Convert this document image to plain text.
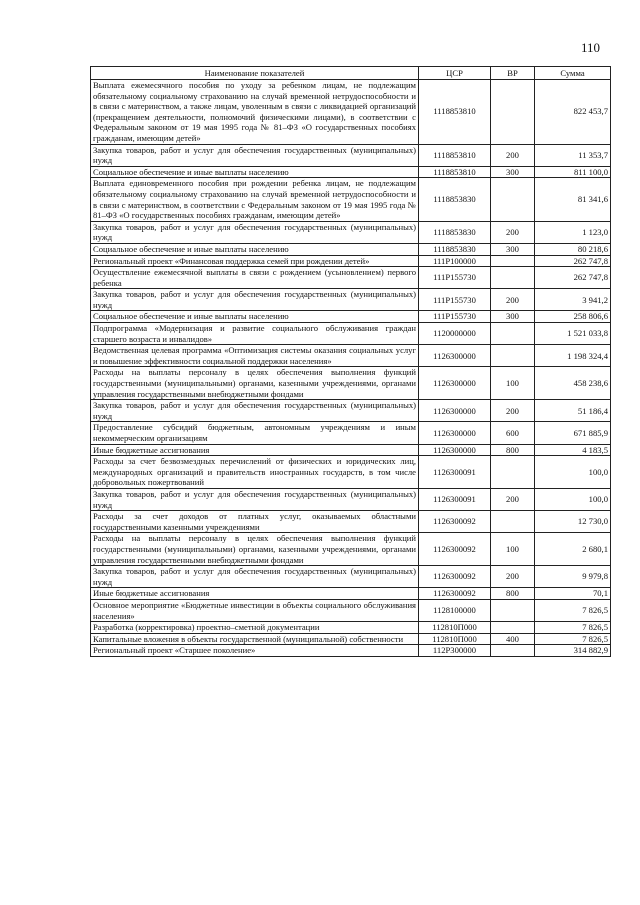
110
Наименование показателей	ЦСР	ВР	Сумма
Выплата ежемесячного пособия по уходу за ребенком лицам, не подлежащим обязательному социальному страхованию на случай временной нетрудоспособности и в связи с материнством, а также лицам, уволенным в связи с ликвидацией организаций (прекращением деятельности, полномочий физическими лицами), в соответствии с Федеральным законом от 19 мая 1995 года № 81–ФЗ «О государственных пособиях гражданам, имеющим детей»	1118853810		822 453,7
Закупка товаров, работ и услуг для обеспечения государственных (муниципальных) нужд	1118853810	200	11 353,7
Социальное обеспечение и иные выплаты населению	1118853810	300	811 100,0
Выплата единовременного пособия при рождении ребенка лицам, не подлежащим обязательному социальному страхованию на случай временной нетрудоспособности и в связи с материнством, в соответствии с Федеральным законом от 19 мая 1995 года № 81–ФЗ «О государственных пособиях гражданам, имеющим детей»	1118853830		81 341,6
Закупка товаров, работ и услуг для обеспечения государственных (муниципальных) нужд	1118853830	200	1 123,0
Социальное обеспечение и иные выплаты населению	1118853830	300	80 218,6
Региональный проект «Финансовая поддержка семей при рождении детей»	111P100000		262 747,8
Осуществление ежемесячной выплаты в связи с рождением (усыновлением) первого ребенка	111P155730		262 747,8
Закупка товаров, работ и услуг для обеспечения государственных (муниципальных) нужд	111P155730	200	3 941,2
Социальное обеспечение и иные выплаты населению	111P155730	300	258 806,6
Подпрограмма «Модернизация и развитие социального обслуживания граждан старшего возраста и инвалидов»	1120000000		1 521 033,8
Ведомственная целевая программа «Оптимизация системы оказания социальных услуг и повышение эффективности социальной поддержки населения»	1126300000		1 198 324,4
Расходы на выплаты персоналу в целях обеспечения выполнения функций государственными (муниципальными) органами, казенными учреждениями, органами управления государственными внебюджетными фондами	1126300000	100	458 238,6
Закупка товаров, работ и услуг для обеспечения государственных (муниципальных) нужд	1126300000	200	51 186,4
Предоставление субсидий бюджетным, автономным учреждениям и иным некоммерческим организациям	1126300000	600	671 885,9
Иные бюджетные ассигнования	1126300000	800	4 183,5
Расходы за счет безвозмездных перечислений от физических и юридических лиц, международных организаций и правительств иностранных государств, в том числе добровольных пожертвований	1126300091		100,0
Закупка товаров, работ и услуг для обеспечения государственных (муниципальных) нужд	1126300091	200	100,0
Расходы за счет доходов от платных услуг, оказываемых областными государственными казенными учреждениями	1126300092		12 730,0
Расходы на выплаты персоналу в целях обеспечения выполнения функций государственными (муниципальными) органами, казенными учреждениями, органами управления государственными внебюджетными фондами	1126300092	100	2 680,1
Закупка товаров, работ и услуг для обеспечения государственных (муниципальных) нужд	1126300092	200	9 979,8
Иные бюджетные ассигнования	1126300092	800	70,1
Основное мероприятие «Бюджетные инвестиции в объекты социального обслуживания населения»	1128100000		7 826,5
Разработка (корректировка) проектно–сметной документации	112810П000		7 826,5
Капитальные вложения в объекты государственной (муниципальной) собственности	112810П000	400	7 826,5
Региональный проект «Старшее поколение»	112P300000		314 882,9
